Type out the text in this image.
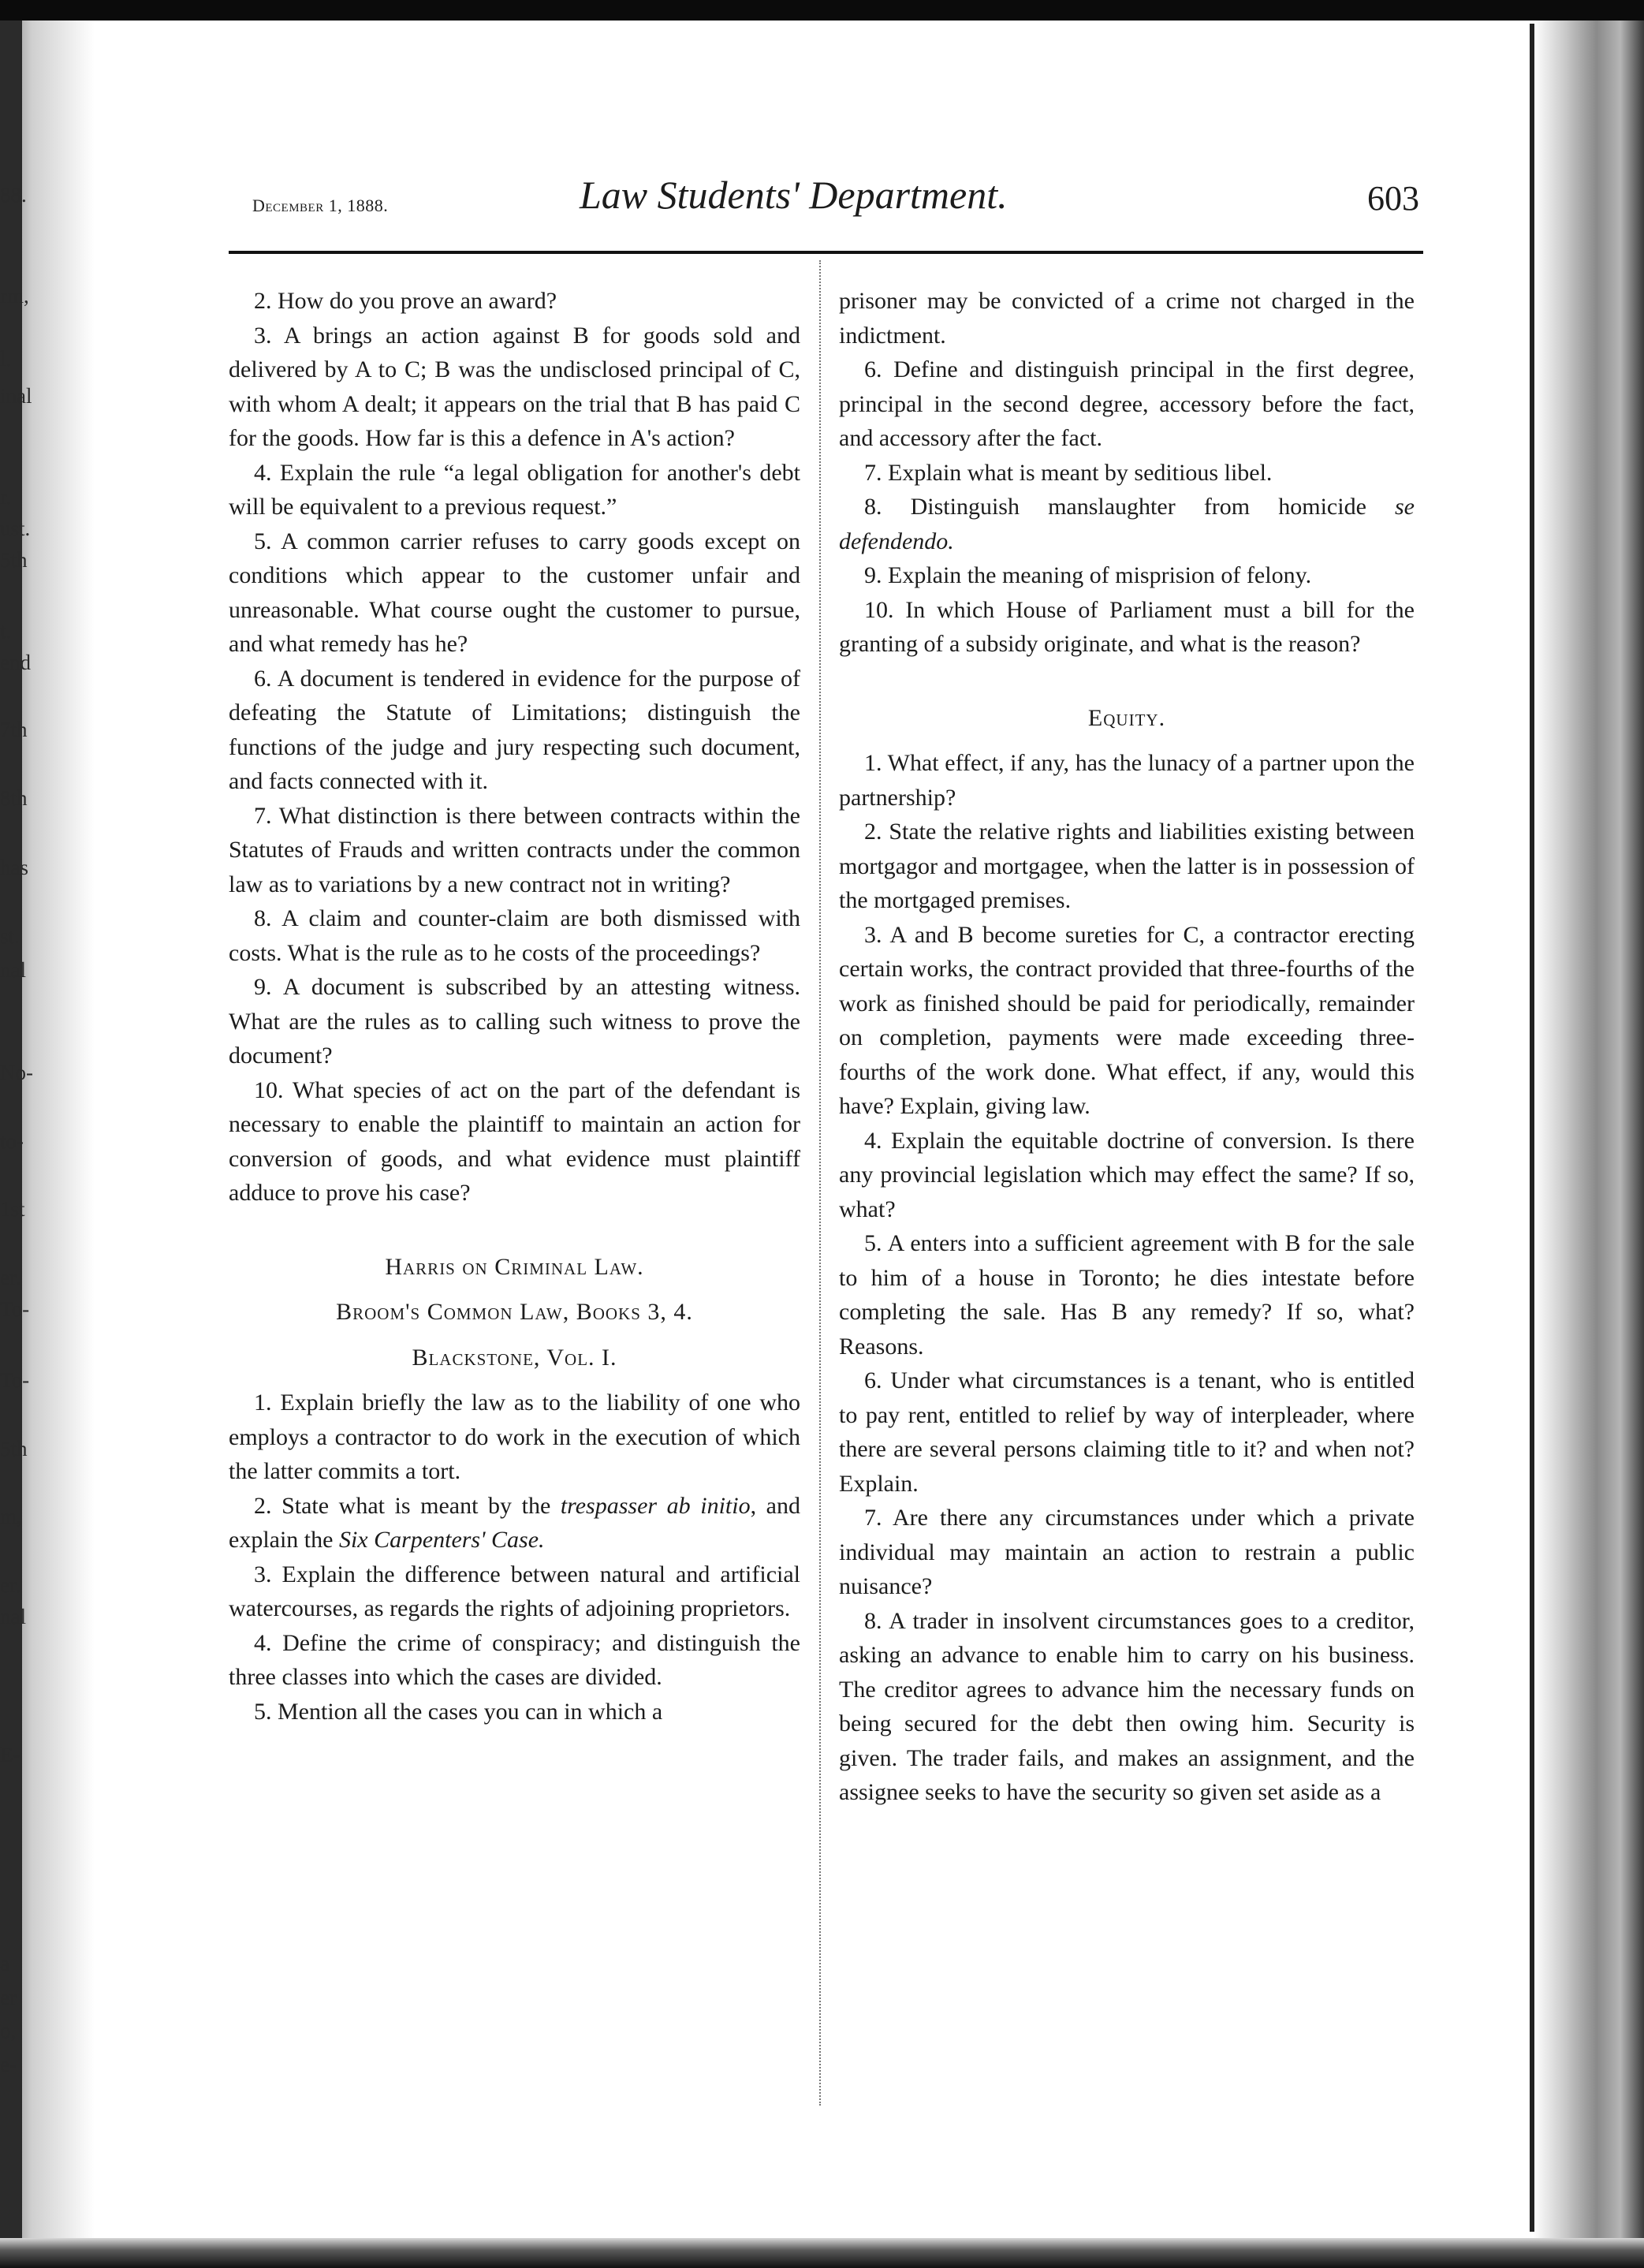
88.
rm,
l.
inal
r.
ust.
5th
t.
end
7th
8th
has
st.
nal
No-
to-
1st
er.
To-
To-
5th
m,
er.
nal
E-
a
er
o,
e-
December 1, 1888.	Law Students' Department.	603

2. How do you prove an award?

3. A brings an action against B for goods sold and delivered by A to C; B was the undisclosed principal of C, with whom A dealt; it appears on the trial that B has paid C for the goods. How far is this a defence in A's action?

4. Explain the rule “a legal obligation for another's debt will be equivalent to a previous request.”

5. A common carrier refuses to carry goods except on conditions which appear to the customer unfair and unreasonable. What course ought the customer to pursue, and what remedy has he?

6. A document is tendered in evidence for the purpose of defeating the Statute of Limitations; distinguish the functions of the judge and jury respecting such document, and facts connected with it.

7. What distinction is there between contracts within the Statutes of Frauds and written contracts under the common law as to variations by a new contract not in writing?

8. A claim and counter-claim are both dismissed with costs. What is the rule as to he costs of the proceedings?

9. A document is subscribed by an attesting witness. What are the rules as to calling such witness to prove the document?

10. What species of act on the part of the defendant is necessary to enable the plaintiff to maintain an action for conversion of goods, and what evidence must plaintiff adduce to prove his case?

Harris on Criminal Law.
Broom's Common Law, Books 3, 4.
Blackstone, Vol. I.

1. Explain briefly the law as to the liability of one who employs a contractor to do work in the execution of which the latter commits a tort.

2. State what is meant by the trespasser ab initio, and explain the Six Carpenters' Case.

3. Explain the difference between natural and artificial watercourses, as regards the rights of adjoining proprietors.

4. Define the crime of conspiracy; and distinguish the three classes into which the cases are divided.

5. Mention all the cases you can in which a

prisoner may be convicted of a crime not charged in the indictment.

6. Define and distinguish principal in the first degree, principal in the second degree, accessory before the fact, and accessory after the fact.

7. Explain what is meant by seditious libel.

8. Distinguish manslaughter from homicide se defendendo.

9. Explain the meaning of misprision of felony.

10. In which House of Parliament must a bill for the granting of a subsidy originate, and what is the reason?

Equity.

1. What effect, if any, has the lunacy of a partner upon the partnership?

2. State the relative rights and liabilities existing between mortgagor and mortgagee, when the latter is in possession of the mortgaged premises.

3. A and B become sureties for C, a contractor erecting certain works, the contract provided that three-fourths of the work as finished should be paid for periodically, remainder on completion, payments were made exceeding three-fourths of the work done. What effect, if any, would this have? Explain, giving law.

4. Explain the equitable doctrine of conversion. Is there any provincial legislation which may effect the same? If so, what?

5. A enters into a sufficient agreement with B for the sale to him of a house in Toronto; he dies intestate before completing the sale. Has B any remedy? If so, what? Reasons.

6. Under what circumstances is a tenant, who is entitled to pay rent, entitled to relief by way of interpleader, where there are several persons claiming title to it? and when not? Explain.

7. Are there any circumstances under which a private individual may maintain an action to restrain a public nuisance?

8. A trader in insolvent circumstances goes to a creditor, asking an advance to enable him to carry on his business. The creditor agrees to advance him the necessary funds on being secured for the debt then owing him. Security is given. The trader fails, and makes an assignment, and the assignee seeks to have the security so given set aside as a
